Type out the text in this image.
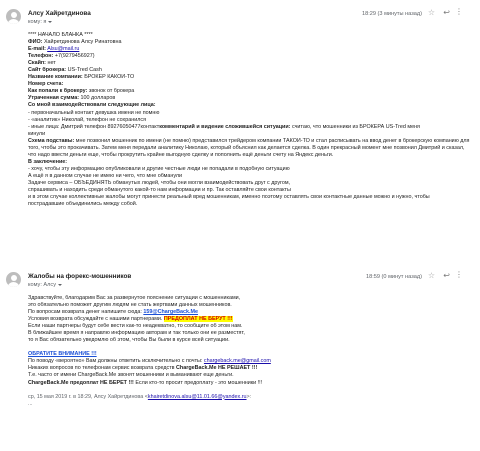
Алсу Хайретдинова
кому: я
18:29 (3 минуты назад) ☆ ↩ ⋮
**** НАЧАЛО БЛАНКА ****
ФИО: Хайретдинова Алсу Ринатовна
E-mail: Alsu@mail.ru
Телефон: +7(9279456927)
Скайп: нет
Сайт брокера: US-Tred Cash
Название компании: БРОКЕР КАКОЙ-ТО
Номер счета:
Как попали к брокеру: звонок от брокера
Утраченная сумма: 100 долларов
Со мной взаимодействовали следующие лица:
- первоначальный контакт девушка имени не помню
- «аналитик» Николай, телефон не сохранился
- иные лица: Дмитрий телефон 89276050477контакткомментарий и видение сложившейся ситуации: считаю, что мошенники из БРОКЕРА US-Tred меня
кинули
Схема подставы: мне позвонил мошенник по имени (не помню) представился трейдером компании ТАКОЙ-ТО и стал расписывать на ввод денег в брокерскую компанию для того, чтобы это прокачивать. Затем меня передали аналитику Николаю, который объяснил как делается сделка. В один прекрасный момент мне позвонил Дмитрий и сказал, что надо ввести деньги еще, чтобы прокрутить крайне выгодную сделку и пополнить ещё деньги счету на Яндекс деньги.
В заключение:
- хочу, чтобы эту информацию опубликовали и другие честные люди не попадали в подобную ситуацию
А ещё я в данном случае не имею ни чего, что мне обманули
Задаче сервиса – ОБЪЕДИНЯТЬ обманутых людей, чтобы они могли взаимодействовать друг с другом,
спрашивать и находить среди обманутого какой-то нам информации и пр. Так оставляйте свои контакты
и в этом случае коллективные жалобы могут принести реальный вред мошенникам, именно поэтому оставлять свои контактные данные можно и нужно, чтобы
пострадавшие объединились между собой.
Жалобы на форекс-мошенников
кому: Алсу
18:59 (0 минут назад) ☆ ↩ ⋮
Здравствуйте, благодарим Вас за развернутое пояснение ситуации с мошенниками,
это обязательно поможет другим людям не стать жертвами данных мошенников.
По вопросам возврата денег напишите сюда: 159@ChargeBack.Me
Условия возврата обсуждайте с нашими партнерами. ПРЕДОПЛАТ НЕ БЕРУТ !!!
Если наши партнеры будут себе вести как-то неадекватно, то сообщите об этом нам.
В ближайшее время я направлю информацию авторам и так только они ее разместят,
то я Вас обязательно уведомлю об этом, чтобы Вы были в курсе всей ситуации.
ОБРАТИТЕ ВНИМАНИЕ !!!
По поводу «вероятно» Вам должны ответить исключительно с почты: chargeback.me@gmail.com
Никаких вопросов по телефонам сервис возврата средств ChargeBack.Me НЕ РЕШАЕТ !!!
Т.е. часто от имени ChargeBack.Me звонят мошенники и выманивают еще деньги.
ChargeBack.Me предоплат НЕ БЕРЕТ !!! Если кто-то просит предоплату - это мошенники !!!
ср, 15 мая 2019 г. в 18:29, Алсу Хайретдинова <khairetdinova.alsu@11.01.66@yandex.ru>:
...
